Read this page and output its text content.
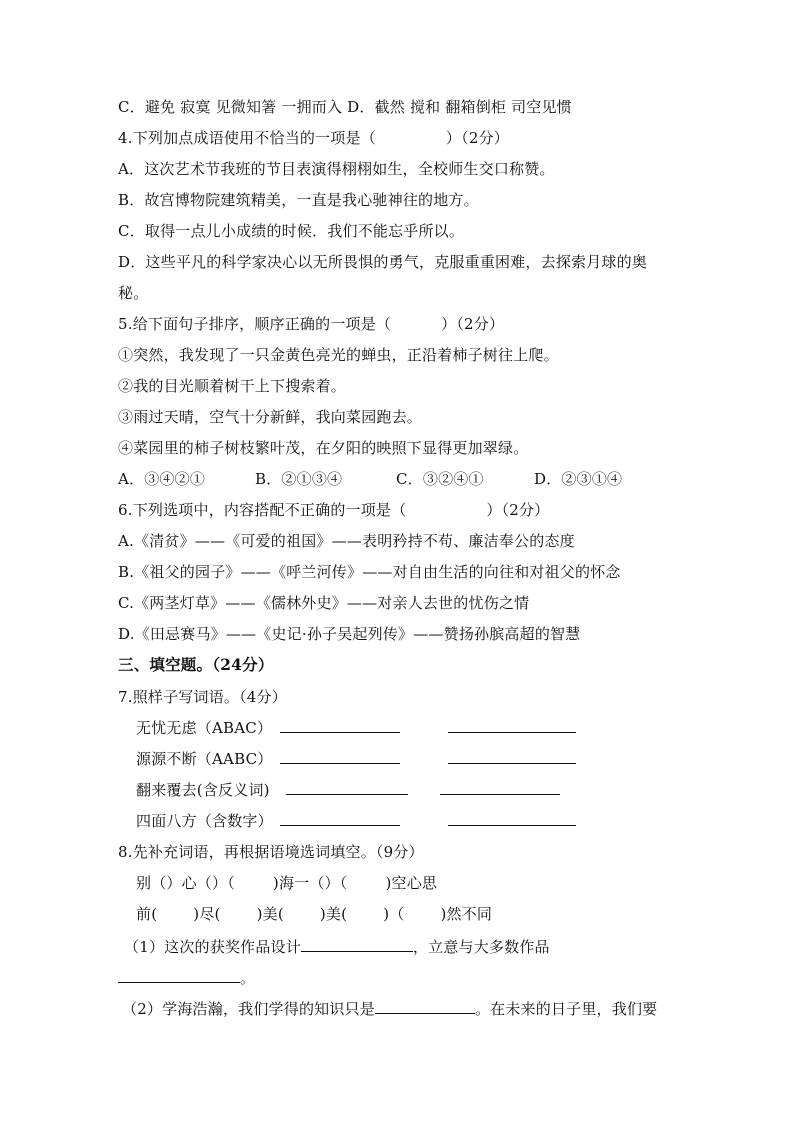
C．避免 寂寞 见微知箸 一拥而入 D．截然 搅和 翻箱倒柜 司空见惯
4.下列加点成语使用不恰当的一项是（	）（2分）
A．这次艺术节我班的节目表演得栩栩如生，全校师生交口称赞。
B．故宫博物院建筑精美，一直是我心驰神往的地方。
C．取得一点儿小成绩的时候．我们不能忘乎所以。
D．这些平凡的科学家决心以无所畏惧的勇气，克服重重困难，去探索月球的奥
秘。
5.给下面句子排序，顺序正确的一项是（	）（2分）
①突然，我发现了一只金黄色亮光的蝉虫，正沿着柿子树往上爬。
②我的目光顺着树干上下搜索着。
③雨过天晴，空气十分新鲜，我向菜园跑去。
④菜园里的柿子树枝繁叶茂，在夕阳的映照下显得更加翠绿。
A．③④②①	B．②①③④	C．③②④①	D．②③①④
6.下列选项中，内容搭配不正确的一项是（	）（2分）
A.《清贫》——《可爱的祖国》——表明矜持不苟、廉洁奉公的态度
B.《祖父的园子》——《呼兰河传》——对自由生活的向往和对祖父的怀念
C.《两茎灯草》——《儒林外史》——对亲人去世的忧伤之情
D.《田忌赛马》——《史记·孙子吴起列传》——赞扬孙膑高超的智慧
三、填空题。（24分）
7.照样子写词语。（4分）
无忧无虑（ABAC）
源源不断（AABC）
翻来覆去(含反义词)
四面八方（含数字）
8.先补充词语，再根据语境选词填空。（9分）
别（）心（）（	)海一（）（	)空心思
前( )尽( )美( )美( )（ )然不同
（1）这次的获奖作品设计	，立意与大多数作品
。
（2）学海浩瀚，我们学得的知识只是	。在未来的日子里，我们要
